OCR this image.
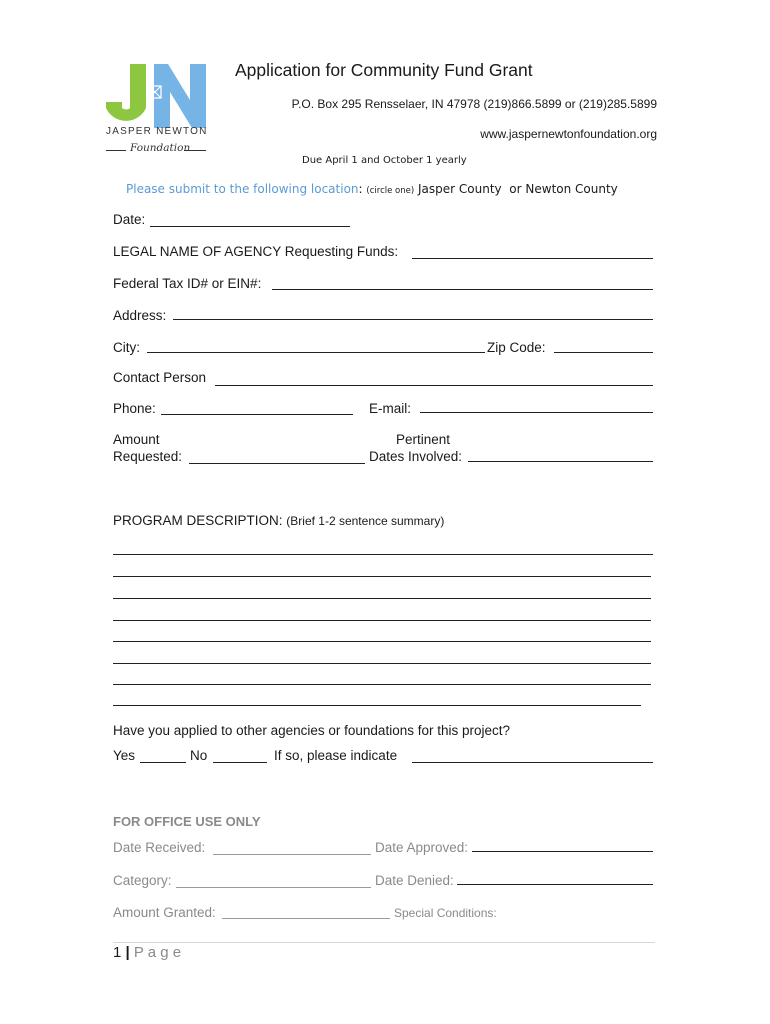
JASPER NEWTON
Foundation
Application for Community Fund Grant
P.O. Box 295 Rensselaer, IN 47978 (219)866.5899 or (219)285.5899
www.jaspernewtonfoundation.org
Due April 1 and October 1 yearly
Please submit to the following location: (circle one) Jasper County or Newton County
Date:
LEGAL NAME OF AGENCY Requesting Funds:
Federal Tax ID# or EIN#:
Address:
City:	Zip Code:
Contact Person
Phone:	E-mail:
Amount
Requested:
Pertinent
Dates Involved:
PROGRAM DESCRIPTION: (Brief 1-2 sentence summary)
Have you applied to other agencies or foundations for this project?
Yes	No	If so, please indicate
FOR OFFICE USE ONLY
Date Received:	Date Approved:
Category:	Date Denied:
Amount Granted:	Special Conditions:
1 | P a g e
